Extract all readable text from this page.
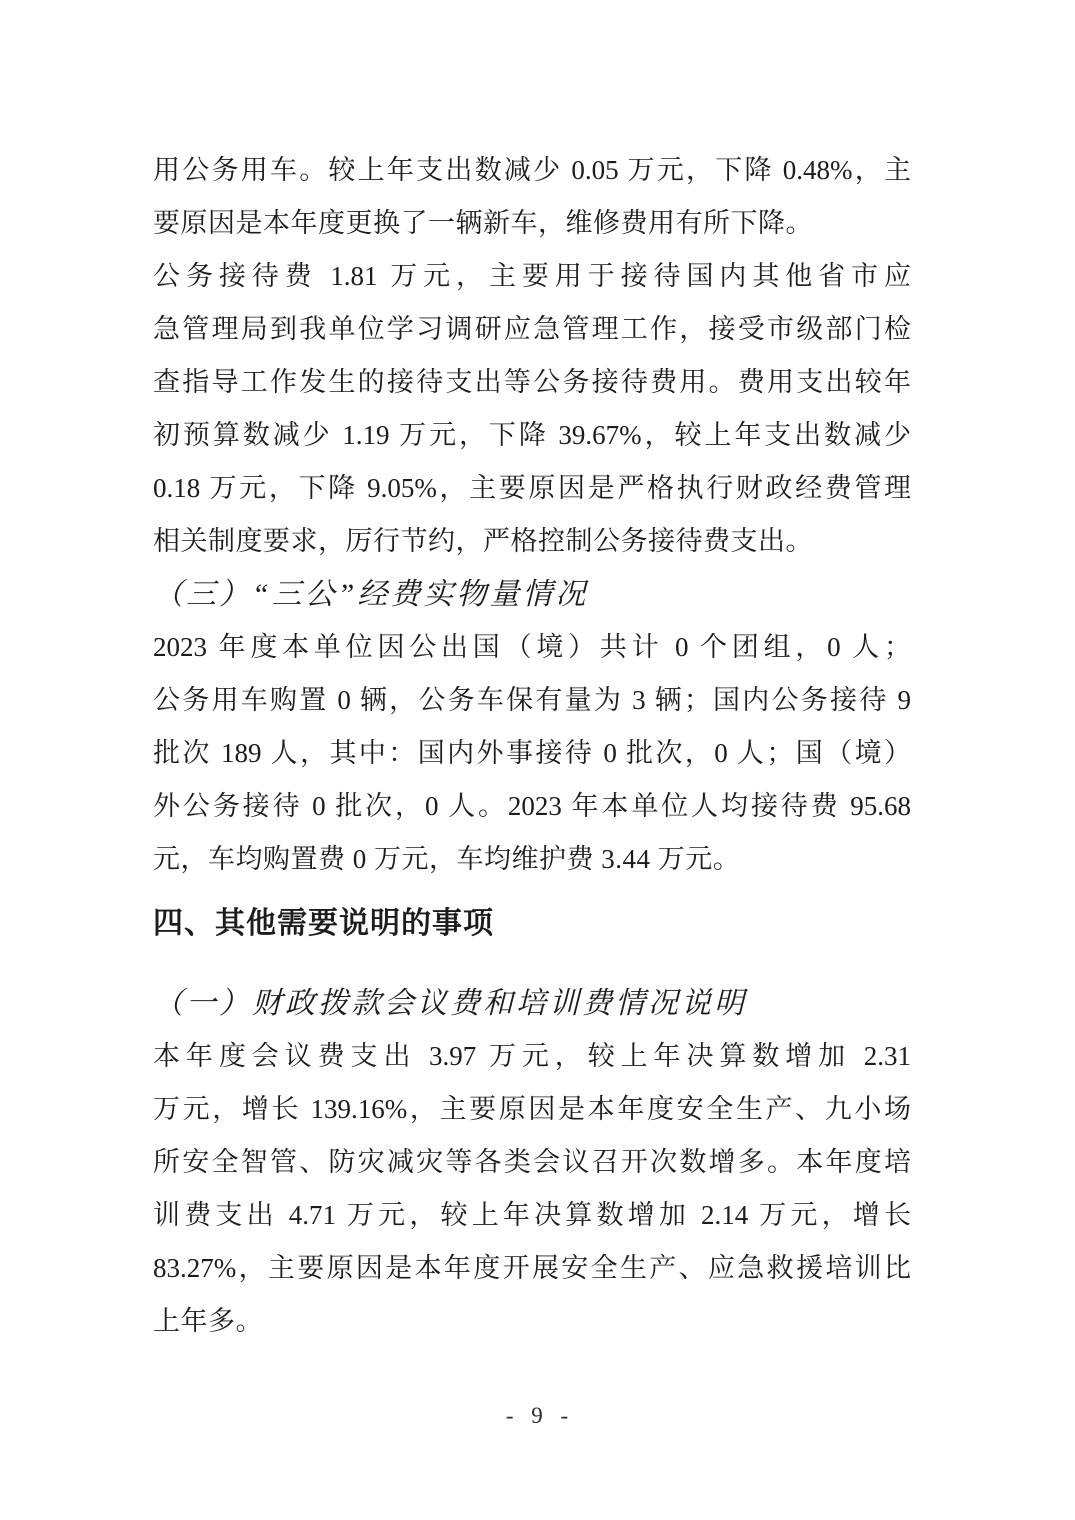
用公务用车。较上年支出数减少 0.05 万元，下降 0.48%，主

要原因是本年度更换了一辆新车，维修费用有所下降。

公务接待费 1.81 万元，主要用于接待国内其他省市应

急管理局到我单位学习调研应急管理工作，接受市级部门检

查指导工作发生的接待支出等公务接待费用。费用支出较年

初预算数减少 1.19 万元，下降 39.67%，较上年支出数减少

0.18 万元，下降 9.05%，主要原因是严格执行财政经费管理

相关制度要求，厉行节约，严格控制公务接待费支出。

（三）“三公”经费实物量情况

2023 年度本单位因公出国（境）共计 0 个团组，0 人；

公务用车购置 0 辆，公务车保有量为 3 辆；国内公务接待 9

批次 189 人，其中：国内外事接待 0 批次，0 人；国（境）

外公务接待 0 批次，0 人。2023 年本单位人均接待费 95.68

元，车均购置费 0 万元，车均维护费 3.44 万元。

四、其他需要说明的事项
（一）财政拨款会议费和培训费情况说明

本年度会议费支出 3.97 万元，较上年决算数增加 2.31

万元，增长 139.16%，主要原因是本年度安全生产、九小场

所安全智管、防灾减灾等各类会议召开次数增多。本年度培

训费支出 4.71 万元，较上年决算数增加 2.14 万元，增长

83.27%，主要原因是本年度开展安全生产、应急救援培训比

上年多。

- 9 -
